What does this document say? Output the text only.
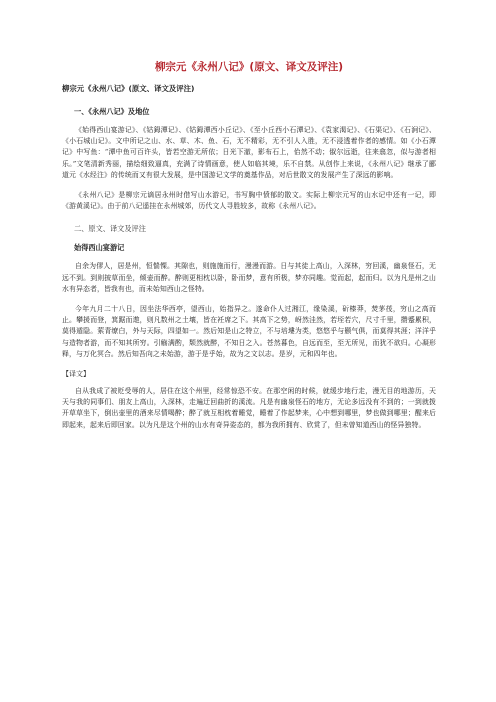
柳宗元《永州八记》(原文、译文及评注)
柳宗元《永州八记》(原文、译文及评注)
一、《永州八记》及地位
《始得西山宴游记》、《钴鉧潭记》、《钴鉧潭西小丘记》、《至小丘西小石潭记》、《袁家渴记》、《石渠记》、《石涧记》、《小石城山记》。文中所记之山、水、草、木、鱼、石，无不精彩，无不引人入胜，无不浸透着作者的感情。如《小石潭记》中写鱼：“潭中鱼可百许头，皆若空游无所依；日光下澈，影布石上，佁然不动；俶尔远逝，往来翕忽，似与游者相乐。”文笔清新秀丽，描绘细致逼真，充满了诗情画意，使人如临其境，乐不自禁。从创作上来说，《永州八记》继承了郦道元《水经注》的传统而又有很大发展，是中国游记文学的奠基作品，对后世散文的发展产生了深远的影响。
《永州八记》是柳宗元谪居永州时借写山水游记，书写胸中愤郁的散文。实际上柳宗元写的山水记中还有一记，即《游黄溪记》。由于前八记遥挂在永州城郊，历代文人寻胜较多，故称《永州八记》。
二、原文、译文及评注
始得西山宴游记
自余为僇人，居是州，恒惴慄。其隙也，则施施而行，漫漫而游。日与其徒上高山，入深林，穷回溪，幽泉怪石，无远不到。到则披草而坐，倾壶而醉。醉则更相枕以卧，卧而梦，意有所极，梦亦同趣。觉而起，起而归。以为凡是州之山水有异态者，皆我有也，而未始知西山之怪特。
今年九月二十八日，因坐法华西亭，望西山，始指异之。遂命仆人过湘江，缘染溪，斫榛莽，焚茅茷，穷山之高而止。攀援而登，箕踞而遨，则凡数州之土壤，皆在衽席之下。其高下之势，岈然洼然，若垤若穴，尺寸千里，攒蹙累积，莫得遁隐。萦青缭白，外与天际，四望如一。然后知是山之特立，不与培塿为类，悠悠乎与颢气俱，而莫得其涯；洋洋乎与造物者游，而不知其所穷。引觞满酌，颓然就醉，不知日之入。苍然暮色，自远而至，至无所见，而犹不欲归。心凝形释，与万化冥合。然后知吾向之未始游，游于是乎始，故为之文以志。是岁，元和四年也。
【译文】
自从我成了被贬受辱的人，居住在这个州里，经常惊恐不安。在那空闲的时候，就缓步地行走，漫无目的地游历，天天与我的同事们、朋友上高山，入深林，走遍迂回曲折的溪流。凡是有幽泉怪石的地方，无论多远没有不到的；一到就拨开草草坐下，倒出壶里的酒来尽情喝醉；醉了就互相枕着睡觉，睡着了作起梦来，心中想到哪里，梦也做到哪里；醒来后即起来，起来后即回家。以为凡是这个州的山水有奇异姿态的，都为我所拥有、欣赏了，但未曾知道西山的怪异独特。
